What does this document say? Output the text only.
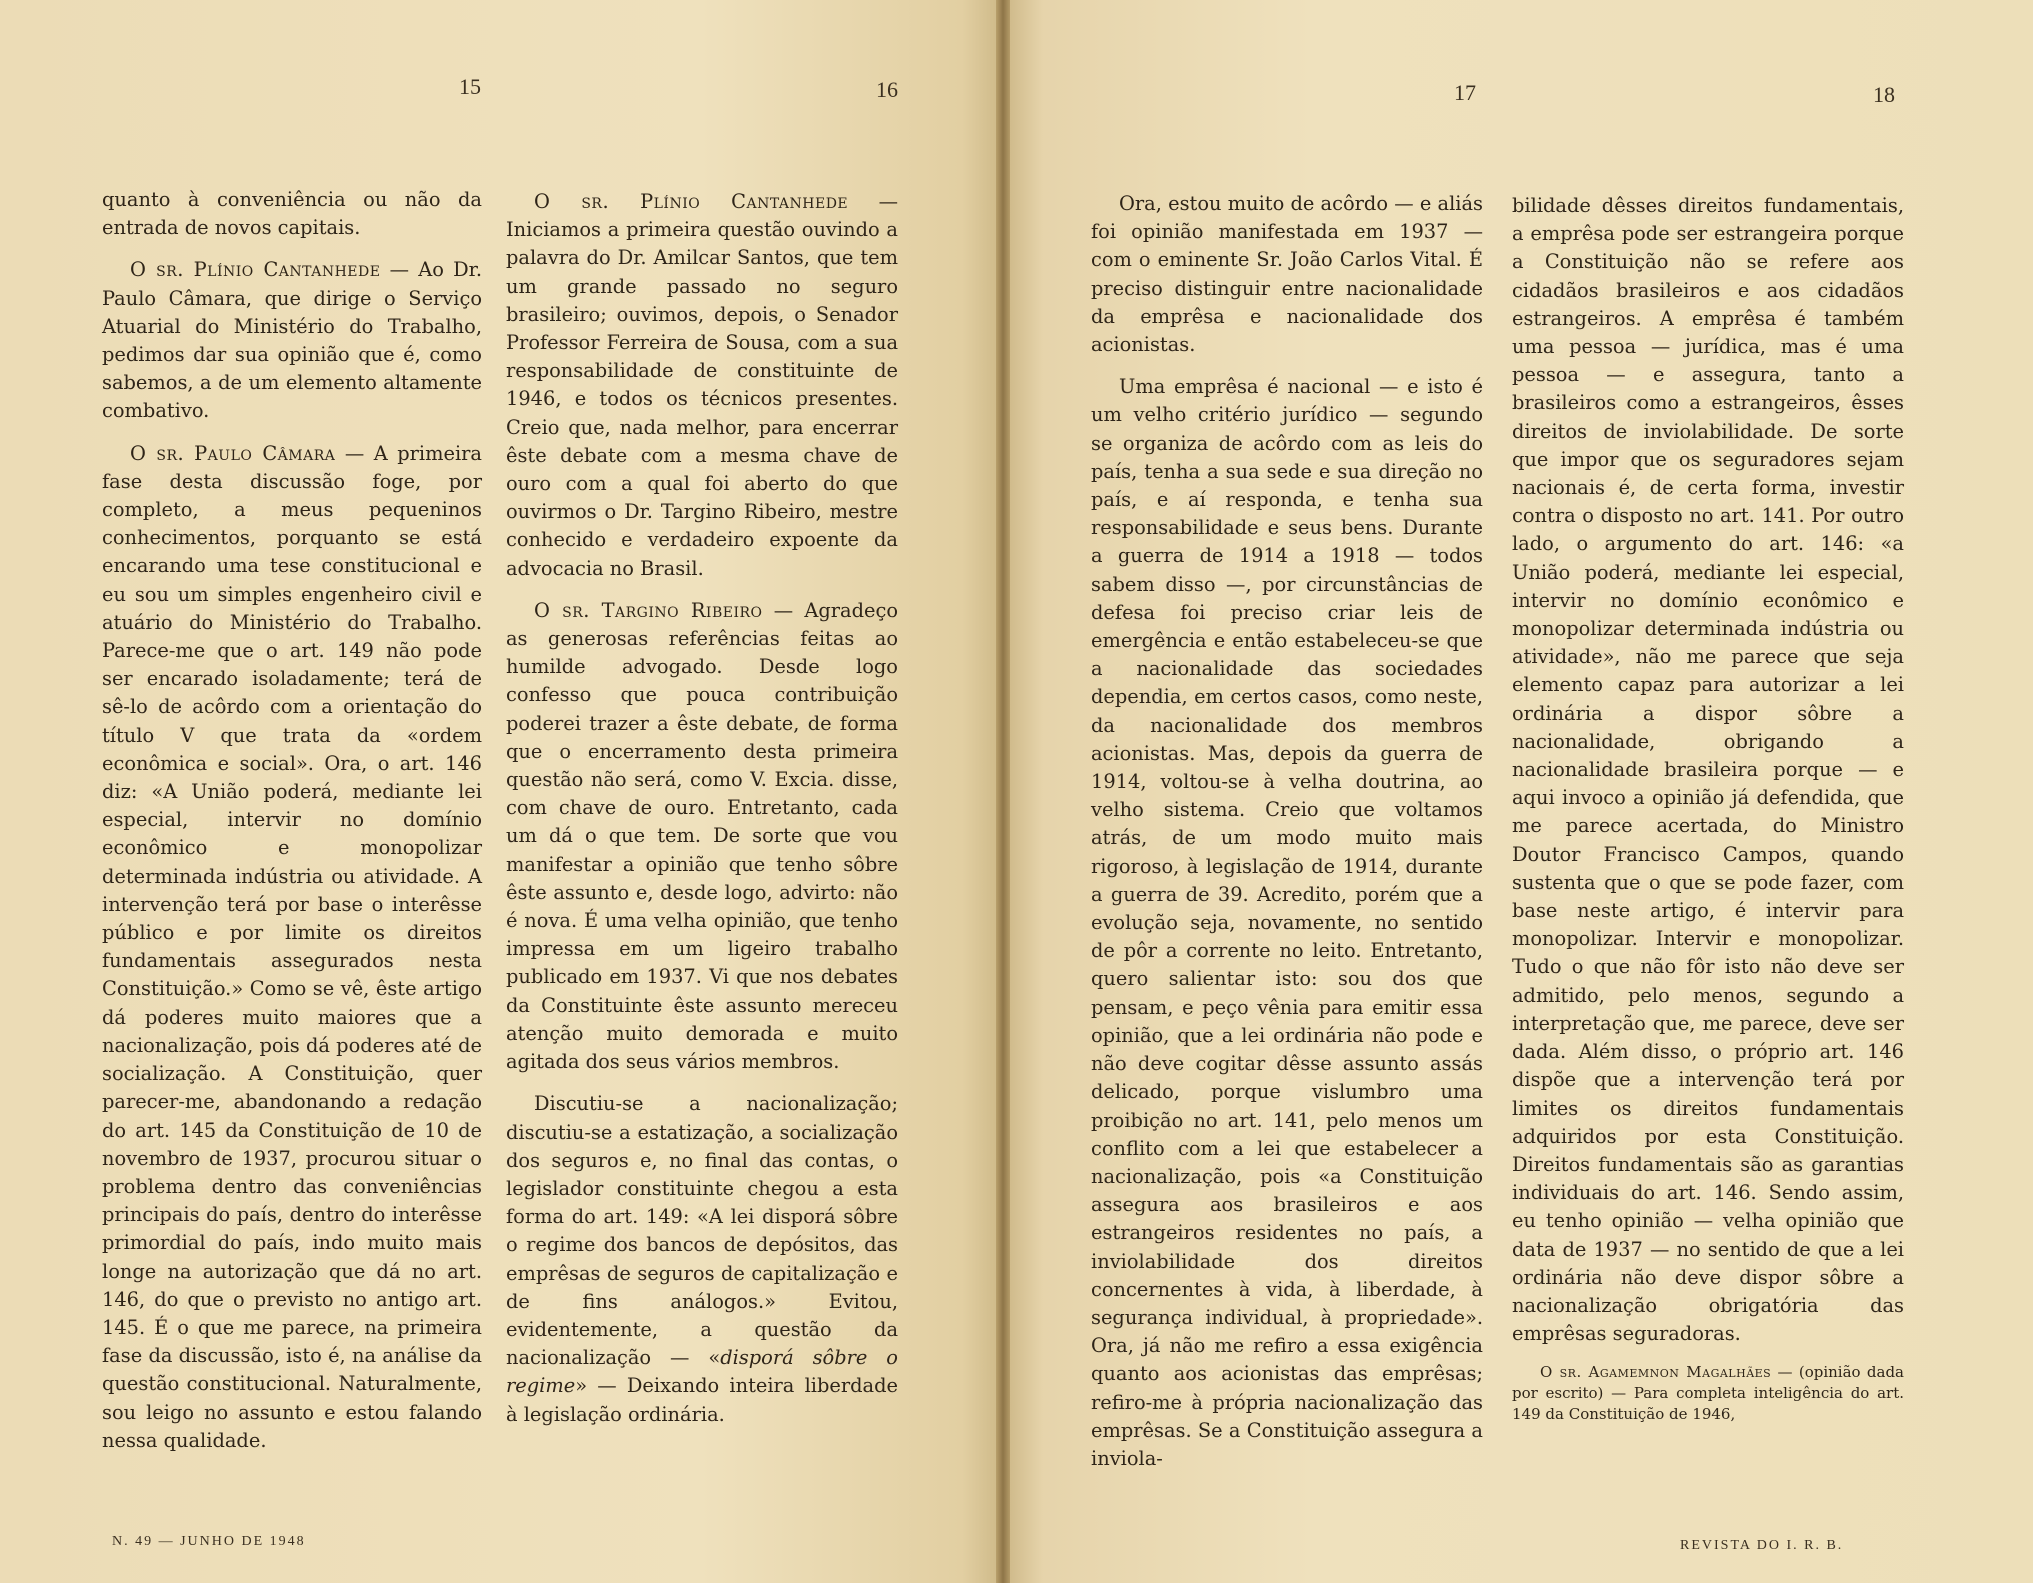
15	16

quanto à conveniência ou não da entrada de novos capitais.

O sr. Plínio Cantanhede — Ao Dr. Paulo Câmara, que dirige o Serviço Atuarial do Ministério do Trabalho, pedimos dar sua opinião que é, como sabemos, a de um elemento altamente combativo.

O sr. Paulo Câmara — A primeira fase desta discussão foge, por completo, a meus pequeninos conhecimentos, porquanto se está encarando uma tese constitucional e eu sou um simples engenheiro civil e atuário do Ministério do Trabalho. Parece-me que o art. 149 não pode ser encarado isoladamente; terá de sê-lo de acôrdo com a orientação do título V que trata da «ordem econômica e social». Ora, o art. 146 diz: «A União poderá, mediante lei especial, intervir no domínio econômico e monopolizar determinada indústria ou atividade. A intervenção terá por base o interêsse público e por limite os direitos fundamentais assegurados nesta Constituição.» Como se vê, êste artigo dá poderes muito maiores que a nacionalização, pois dá poderes até de socialização. A Constituição, quer parecer-me, abandonando a redação do art. 145 da Constituição de 10 de novembro de 1937, procurou situar o problema dentro das conveniências principais do país, dentro do interêsse primordial do país, indo muito mais longe na autorização que dá no art. 146, do que o previsto no antigo art. 145. É o que me parece, na primeira fase da discussão, isto é, na análise da questão constitucional. Naturalmente, sou leigo no assunto e estou falando nessa qualidade.

O sr. Plínio Cantanhede — Iniciamos a primeira questão ouvindo a palavra do Dr. Amilcar Santos, que tem um grande passado no seguro brasileiro; ouvimos, depois, o Senador Professor Ferreira de Sousa, com a sua responsabilidade de constituinte de 1946, e todos os técnicos presentes. Creio que, nada melhor, para encerrar êste debate com a mesma chave de ouro com a qual foi aberto do que ouvirmos o Dr. Targino Ribeiro, mestre conhecido e verdadeiro expoente da advocacia no Brasil.

O sr. Targino Ribeiro — Agradeço as generosas referências feitas ao humilde advogado. Desde logo confesso que pouca contribuição poderei trazer a êste debate, de forma que o encerramento desta primeira questão não será, como V. Excia. disse, com chave de ouro. Entretanto, cada um dá o que tem. De sorte que vou manifestar a opinião que tenho sôbre êste assunto e, desde logo, advirto: não é nova. É uma velha opinião, que tenho impressa em um ligeiro trabalho publicado em 1937. Vi que nos debates da Constituinte êste assunto mereceu atenção muito demorada e muito agitada dos seus vários membros.

Discutiu-se a nacionalização; discutiu-se a estatização, a socialização dos seguros e, no final das contas, o legislador constituinte chegou a esta forma do art. 149: «A lei disporá sôbre o regime dos bancos de depósitos, das emprêsas de seguros de capitalização e de fins análogos.» Evitou, evidentemente, a questão da nacionalização — «disporá sôbre o regime» — Deixando inteira liberdade à legislação ordinária.

N. 49 — JUNHO DE 1948
17	18
REVISTA DO I. R. B.

Ora, estou muito de acôrdo — e aliás foi opinião manifestada em 1937 — com o eminente Sr. João Carlos Vital. É preciso distinguir entre nacionalidade da emprêsa e nacionalidade dos acionistas.

Uma emprêsa é nacional — e isto é um velho critério jurídico — segundo se organiza de acôrdo com as leis do país, tenha a sua sede e sua direção no país, e aí responda, e tenha sua responsabilidade e seus bens. Durante a guerra de 1914 a 1918 — todos sabem disso —, por circunstâncias de defesa foi preciso criar leis de emergência e então estabeleceu-se que a nacionalidade das sociedades dependia, em certos casos, como neste, da nacionalidade dos membros acionistas. Mas, depois da guerra de 1914, voltou-se à velha doutrina, ao velho sistema. Creio que voltamos atrás, de um modo muito mais rigoroso, à legislação de 1914, durante a guerra de 39. Acredito, porém que a evolução seja, novamente, no sentido de pôr a corrente no leito. Entretanto, quero salientar isto: sou dos que pensam, e peço vênia para emitir essa opinião, que a lei ordinária não pode e não deve cogitar dêsse assunto assás delicado, porque vislumbro uma proibição no art. 141, pelo menos um conflito com a lei que estabelecer a nacionalização, pois «a Constituição assegura aos brasileiros e aos estrangeiros residentes no país, a inviolabilidade dos direitos concernentes à vida, à liberdade, à segurança individual, à propriedade». Ora, já não me refiro a essa exigência quanto aos acionistas das emprêsas; refiro-me à própria nacionalização das emprêsas. Se a Constituição assegura a inviola-

bilidade dêsses direitos fundamentais, a emprêsa pode ser estrangeira porque a Constituição não se refere aos cidadãos brasileiros e aos cidadãos estrangeiros. A emprêsa é também uma pessoa — jurídica, mas é uma pessoa — e assegura, tanto a brasileiros como a estrangeiros, êsses direitos de inviolabilidade. De sorte que impor que os seguradores sejam nacionais é, de certa forma, investir contra o disposto no art. 141. Por outro lado, o argumento do art. 146: «a União poderá, mediante lei especial, intervir no domínio econômico e monopolizar determinada indústria ou atividade», não me parece que seja elemento capaz para autorizar a lei ordinária a dispor sôbre a nacionalidade, obrigando a nacionalidade brasileira porque — e aqui invoco a opinião já defendida, que me parece acertada, do Ministro Doutor Francisco Campos, quando sustenta que o que se pode fazer, com base neste artigo, é intervir para monopolizar. Intervir e monopolizar. Tudo o que não fôr isto não deve ser admitido, pelo menos, segundo a interpretação que, me parece, deve ser dada. Além disso, o próprio art. 146 dispõe que a intervenção terá por limites os direitos fundamentais adquiridos por esta Constituição. Direitos fundamentais são as garantias individuais do art. 146. Sendo assim, eu tenho opinião — velha opinião que data de 1937 — no sentido de que a lei ordinária não deve dispor sôbre a nacionalização obrigatória das emprêsas seguradoras.

O sr. Agamemnon Magalhães — (opinião dada por escrito) — Para completa inteligência do art. 149 da Constituição de 1946,
